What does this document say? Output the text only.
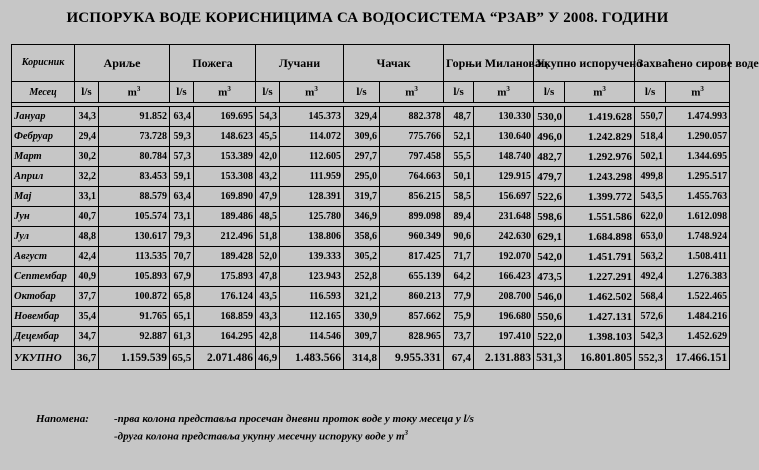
ИСПОРУКА ВОДЕ КОРИСНИЦИМА СА ВОДОСИСТЕМА “РЗАВ” У 2008. ГОДИНИ
Корисник	Ариље		Пожега		Лучани		Чачак		Горњи Милановац		Укупно испоручено		Захваћено сирове воде	
Месец	l/s	$m^3$	l/s	$m^3$	l/s	$m^3$	l/s	$m^3$	l/s	$m^3$	l/s	$m^3$	l/s	$m^3$

Јануар	34,3	91.852	63,4	169.695	54,3	145.373	329,4	882.378	48,7	130.330	530,0	1.419.628	550,7	1.474.993
Фебруар	29,4	73.728	59,3	148.623	45,5	114.072	309,6	775.766	52,1	130.640	496,0	1.242.829	518,4	1.290.057
Март	30,2	80.784	57,3	153.389	42,0	112.605	297,7	797.458	55,5	148.740	482,7	1.292.976	502,1	1.344.695
Април	32,2	83.453	59,1	153.308	43,2	111.959	295,0	764.663	50,1	129.915	479,7	1.243.298	499,8	1.295.517
Мај	33,1	88.579	63,4	169.890	47,9	128.391	319,7	856.215	58,5	156.697	522,6	1.399.772	543,5	1.455.763
Јун	40,7	105.574	73,1	189.486	48,5	125.780	346,9	899.098	89,4	231.648	598,6	1.551.586	622,0	1.612.098
Јул	48,8	130.617	79,3	212.496	51,8	138.806	358,6	960.349	90,6	242.630	629,1	1.684.898	653,0	1.748.924
Август	42,4	113.535	70,7	189.428	52,0	139.333	305,2	817.425	71,7	192.070	542,0	1.451.791	563,2	1.508.411
Септембар	40,9	105.893	67,9	175.893	47,8	123.943	252,8	655.139	64,2	166.423	473,5	1.227.291	492,4	1.276.383
Октобар	37,7	100.872	65,8	176.124	43,5	116.593	321,2	860.213	77,9	208.700	546,0	1.462.502	568,4	1.522.465
Новембар	35,4	91.765	65,1	168.859	43,3	112.165	330,9	857.662	75,9	196.680	550,6	1.427.131	572,6	1.484.216
Децембар	34,7	92.887	61,3	164.295	42,8	114.546	309,7	828.965	73,7	197.410	522,0	1.398.103	542,3	1.452.629
УКУПНО	36,7	1.159.539	65,5	2.071.486	46,9	1.483.566	314,8	9.955.331	67,4	2.131.883	531,3	16.801.805	552,3	17.466.151
Напомена: -прва колона представља просечан дневни проток воде у току месеца у l/s
-друга колона представља укупну месечну испоруку воде у $m^3$
